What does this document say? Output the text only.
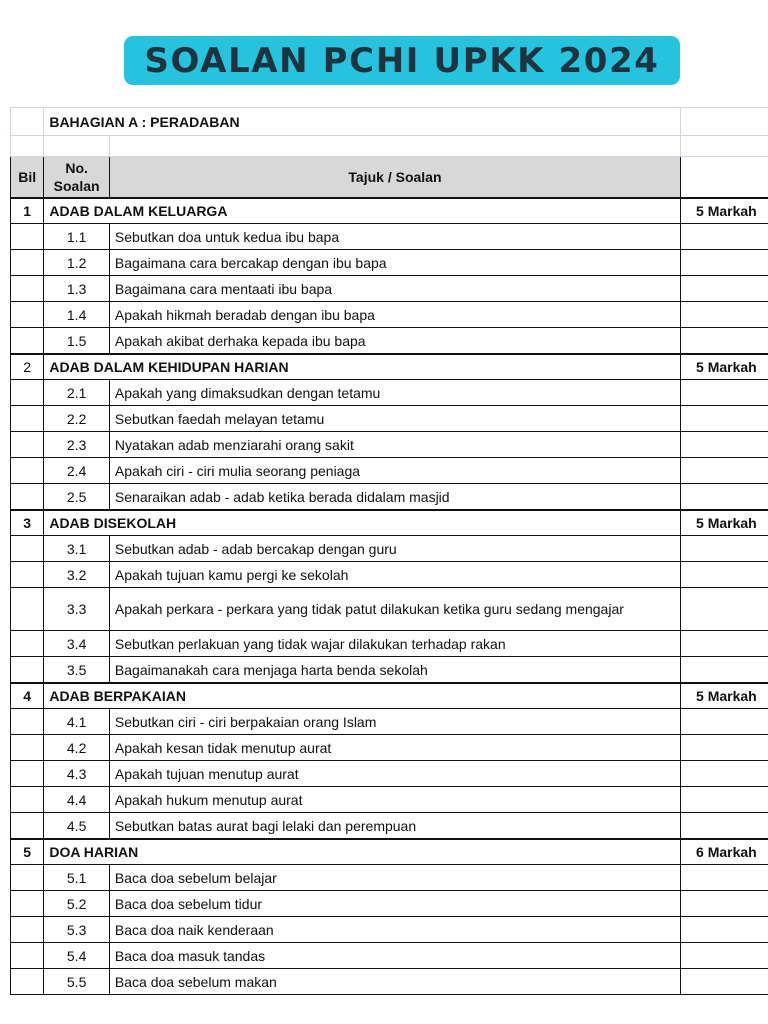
SOALAN PCHI UPKK 2024
	BAHAGIAN A : PERADABAN		

Bil	No. Soalan	Tajuk / Soalan	
1	ADAB DALAM KELUARGA		5 Markah
	1.1	Sebutkan doa untuk kedua ibu bapa	
	1.2	Bagaimana cara bercakap dengan ibu bapa	
	1.3	Bagaimana cara mentaati ibu bapa	
	1.4	Apakah hikmah beradab dengan ibu bapa	
	1.5	Apakah akibat derhaka kepada ibu bapa	
2	ADAB DALAM KEHIDUPAN HARIAN		5 Markah
	2.1	Apakah yang dimaksudkan dengan tetamu	
	2.2	Sebutkan faedah melayan tetamu	
	2.3	Nyatakan adab menziarahi orang sakit	
	2.4	Apakah ciri - ciri mulia seorang peniaga	
	2.5	Senaraikan adab - adab ketika berada didalam masjid	
3	ADAB DISEKOLAH		5 Markah
	3.1	Sebutkan adab - adab bercakap dengan guru	
	3.2	Apakah tujuan kamu pergi ke sekolah	
	3.3	Apakah perkara - perkara yang tidak patut dilakukan ketika guru sedang mengajar	
	3.4	Sebutkan perlakuan yang tidak wajar dilakukan terhadap rakan	
	3.5	Bagaimanakah cara menjaga harta benda sekolah	
4	ADAB BERPAKAIAN		5 Markah
	4.1	Sebutkan ciri - ciri berpakaian orang Islam	
	4.2	Apakah kesan tidak menutup aurat	
	4.3	Apakah tujuan menutup aurat	
	4.4	Apakah hukum menutup aurat	
	4.5	Sebutkan batas aurat bagi lelaki dan perempuan	
5	DOA HARIAN		6 Markah
	5.1	Baca doa sebelum belajar	
	5.2	Baca doa sebelum tidur	
	5.3	Baca doa naik kenderaan	
	5.4	Baca doa masuk tandas	
	5.5	Baca doa sebelum makan	
